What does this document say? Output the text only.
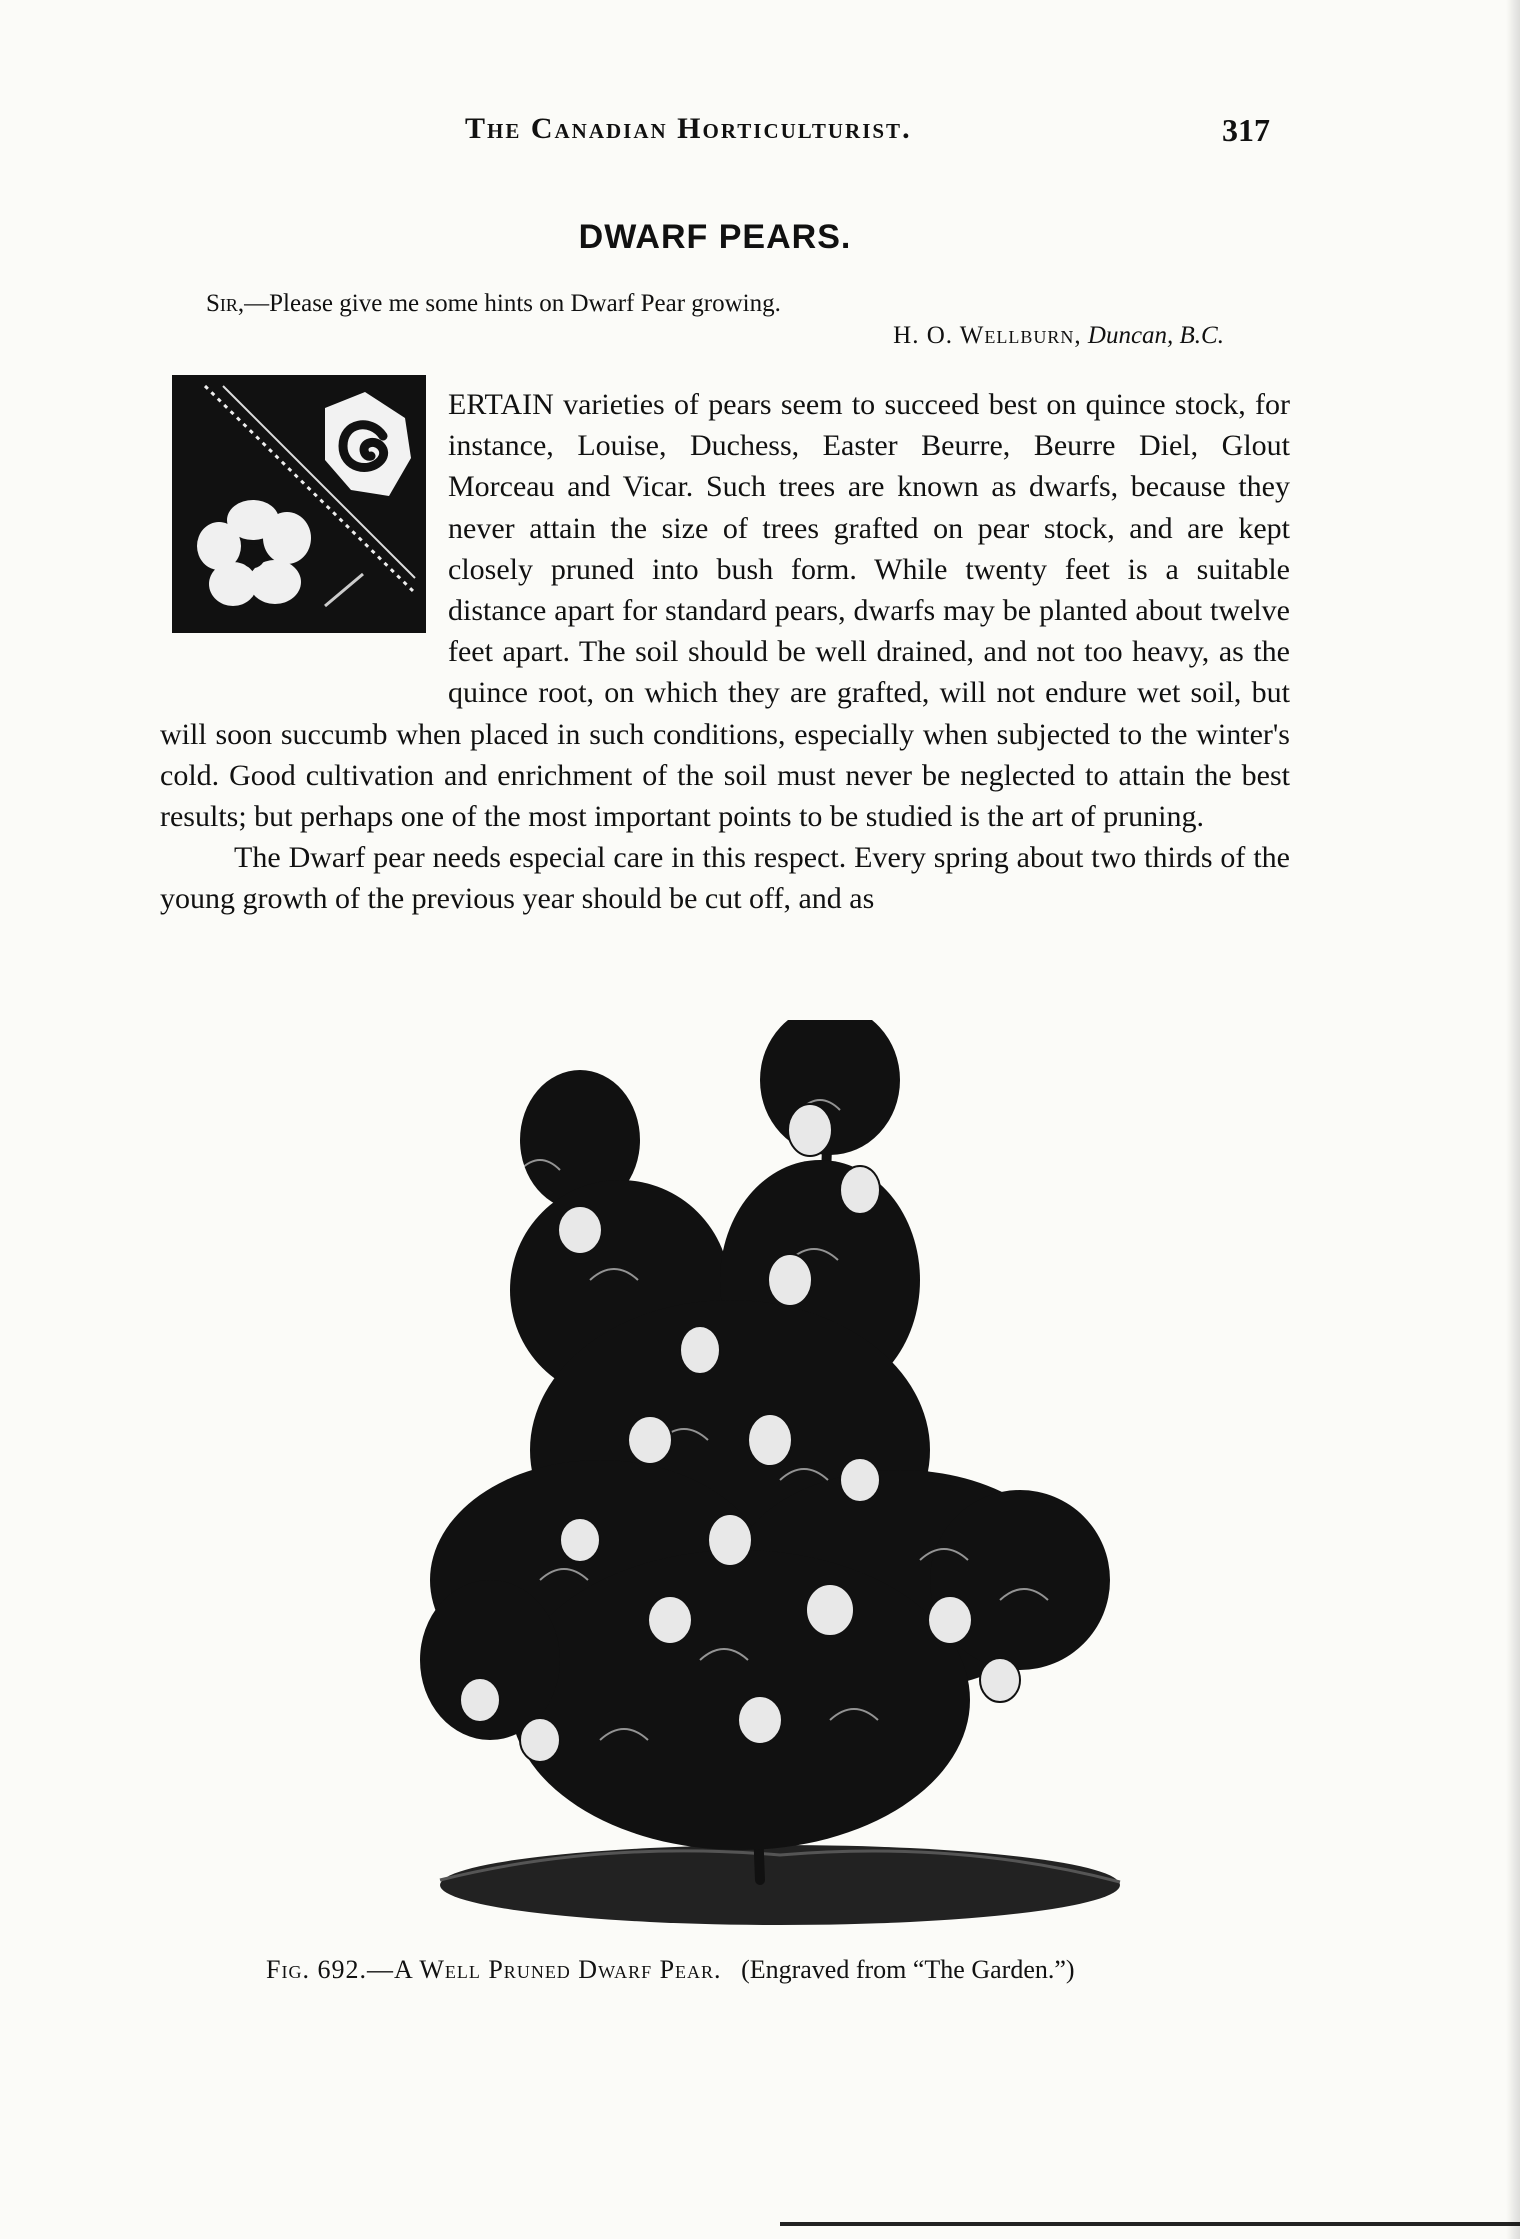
The Canadian Horticulturist.	317
DWARF PEARS.
Sir,—Please give me some hints on Dwarf Pear growing.
H. O. Wellburn, Duncan, B.C.

ERTAIN varieties of pears seem to succeed best on quince stock, for instance, Louise, Duchess, Easter Beurre, Beurre Diel, Glout Morceau and Vicar. Such trees are known as dwarfs, because they never attain the size of trees grafted on pear stock, and are kept closely pruned into bush form. While twenty feet is a suitable distance apart for standard pears, dwarfs may be planted about twelve feet apart. The soil should be well drained, and not too heavy, as the quince root, on which they are grafted, will not endure wet soil, but will soon succumb when placed in such conditions, especially when subjected to the winter's cold. Good cultivation and enrichment of the soil must never be neglected to attain the best results; but perhaps one of the most important points to be studied is the art of pruning.

The Dwarf pear needs especial care in this respect. Every spring about two thirds of the young growth of the previous year should be cut off, and as

Fig. 692.—A Well Pruned Dwarf Pear. (Engraved from “The Garden.”)
